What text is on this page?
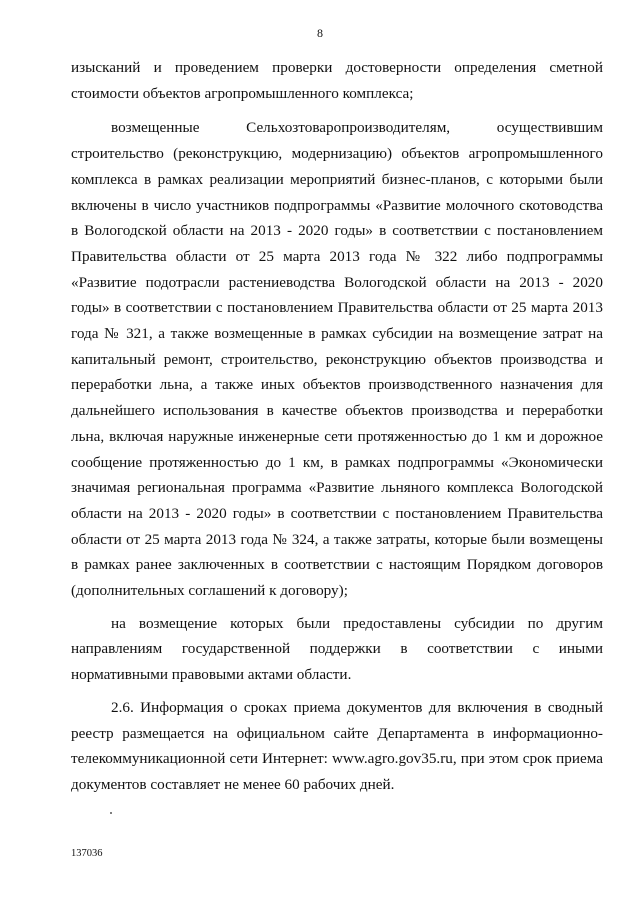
8

изысканий и проведением проверки достоверности определения сметной стоимости объектов агропромышленного комплекса;

возмещенные Сельхозтоваропроизводителям, осуществившим строительство (реконструкцию, модернизацию) объектов агропромышленного комплекса в рамках реализации мероприятий бизнес-планов, с которыми были включены в число участников подпрограммы «Развитие молочного скотоводства в Вологодской области на 2013 - 2020 годы» в соответствии с постановлением Правительства области от 25 марта 2013 года № 322 либо подпрограммы «Развитие подотрасли растениеводства Вологодской области на 2013 - 2020 годы» в соответствии с постановлением Правительства области от 25 марта 2013 года № 321, а также возмещенные в рамках субсидии на возмещение затрат на капитальный ремонт, строительство, реконструкцию объектов производства и переработки льна, а также иных объектов производственного назначения для дальнейшего использования в качестве объектов производства и переработки льна, включая наружные инженерные сети протяженностью до 1 км и дорожное сообщение протяженностью до 1 км, в рамках подпрограммы «Экономически значимая региональная программа «Развитие льняного комплекса Вологодской области на 2013 - 2020 годы» в соответствии с постановлением Правительства области от 25 марта 2013 года № 324, а также затраты, которые были возмещены в рамках ранее заключенных в соответствии с настоящим Порядком договоров (дополнительных соглашений к договору);

на возмещение которых были предоставлены субсидии по другим направлениям государственной поддержки в соответствии с иными нормативными правовыми актами области.

2.6. Информация о сроках приема документов для включения в сводный реестр размещается на официальном сайте Департамента в информационно-телекоммуникационной сети Интернет: www.agro.gov35.ru, при этом срок приема документов составляет не менее 60 рабочих дней.

137036
